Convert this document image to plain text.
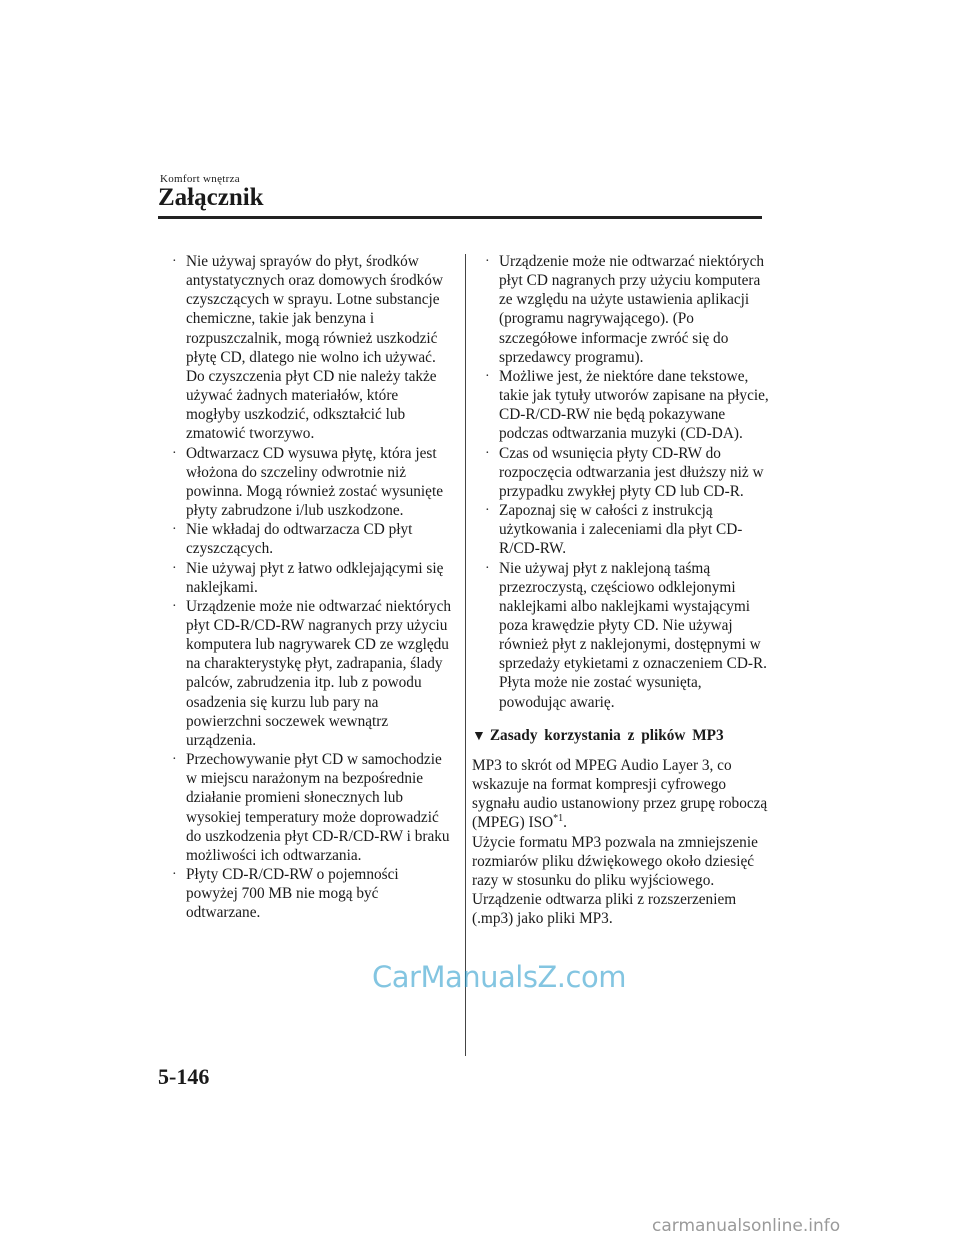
Komfort wnętrza
Załącznik
· Nie używaj sprayów do płyt, środków antystatycznych oraz domowych środków czyszczących w sprayu. Lotne substancje chemiczne, takie jak benzyna i rozpuszczalnik, mogą również uszkodzić płytę CD, dlatego nie wolno ich używać. Do czyszczenia płyt CD nie należy także używać żadnych materiałów, które mogłyby uszkodzić, odkształcić lub zmatowić tworzywo.
· Odtwarzacz CD wysuwa płytę, która jest włożona do szczeliny odwrotnie niż powinna. Mogą również zostać wysunięte płyty zabrudzone i/lub uszkodzone.
· Nie wkładaj do odtwarzacza CD płyt czyszczących.
· Nie używaj płyt z łatwo odklejającymi się naklejkami.
· Urządzenie może nie odtwarzać niektórych płyt CD-R/CD-RW nagranych przy użyciu komputera lub nagrywarek CD ze względu na charakterystykę płyt, zadrapania, ślady palców, zabrudzenia itp. lub z powodu osadzenia się kurzu lub pary na powierzchni soczewek wewnątrz urządzenia.
· Przechowywanie płyt CD w samochodzie w miejscu narażonym na bezpośrednie działanie promieni słonecznych lub wysokiej temperatury może doprowadzić do uszkodzenia płyt CD-R/CD-RW i braku możliwości ich odtwarzania.
· Płyty CD-R/CD-RW o pojemności powyżej 700 MB nie mogą być odtwarzane.
· Urządzenie może nie odtwarzać niektórych płyt CD nagranych przy użyciu komputera ze względu na użyte ustawienia aplikacji (programu nagrywającego). (Po szczegółowe informacje zwróć się do sprzedawcy programu).
· Możliwe jest, że niektóre dane tekstowe, takie jak tytuły utworów zapisane na płycie, CD-R/CD-RW nie będą pokazywane podczas odtwarzania muzyki (CD-DA).
· Czas od wsunięcia płyty CD-RW do rozpoczęcia odtwarzania jest dłuższy niż w przypadku zwykłej płyty CD lub CD-R.
· Zapoznaj się w całości z instrukcją użytkowania i zaleceniami dla płyt CD-R/CD-RW.
· Nie używaj płyt z naklejoną taśmą przezroczystą, częściowo odklejonymi naklejkami albo naklejkami wystającymi poza krawędzie płyty CD. Nie używaj również płyt z naklejonymi, dostępnymi w sprzedaży etykietami z oznaczeniem CD-R. Płyta może nie zostać wysunięta, powodując awarię.
▼ Zasady korzystania z plików MP3

MP3 to skrót od MPEG Audio Layer 3, co wskazuje na format kompresji cyfrowego sygnału audio ustanowiony przez grupę roboczą (MPEG) ISO$^{*1}$.

Użycie formatu MP3 pozwala na zmniejszenie rozmiarów pliku dźwiękowego około dziesięć razy w stosunku do pliku wyjściowego.

Urządzenie odtwarza pliki z rozszerzeniem (.mp3) jako pliki MP3.

5-146
CarManualsZ.com
carmanualsonline.info
